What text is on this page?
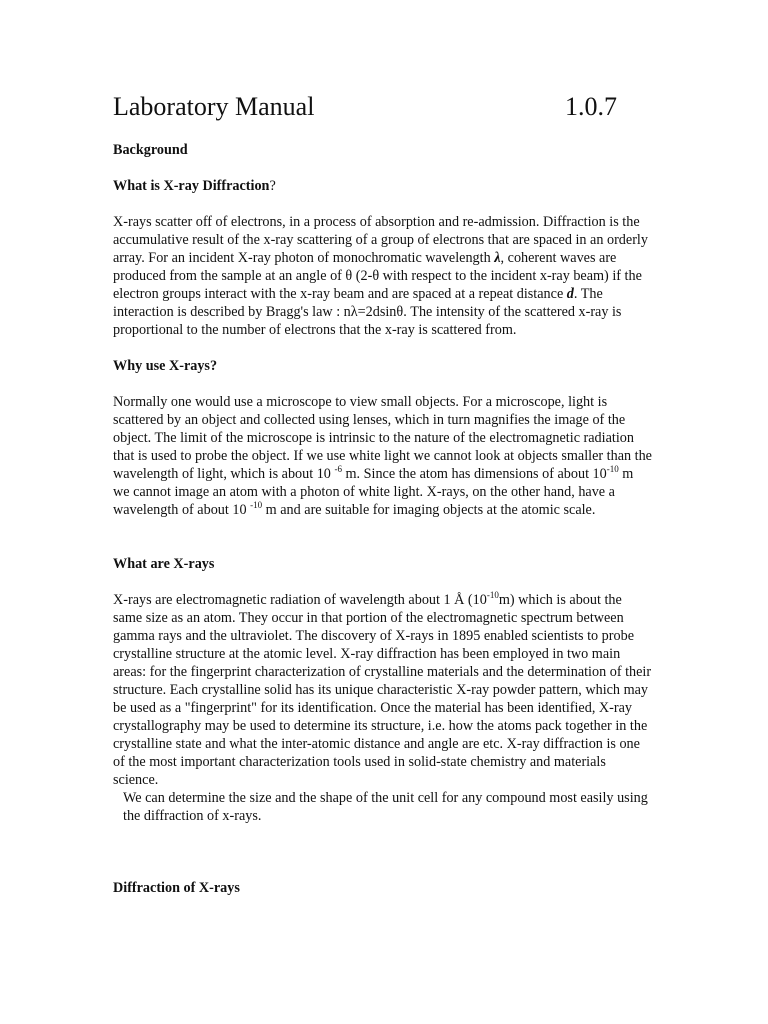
Laboratory Manual	1.0.7

Background

What is X-ray Diffraction?

X-rays scatter off of electrons, in a process of absorption and re-admission. Diffraction is the accumulative result of the x-ray scattering of a group of electrons that are spaced in an orderly array. For an incident X-ray photon of monochromatic wavelength λ, coherent waves are produced from the sample at an angle of θ (2-θ with respect to the incident x-ray beam) if the electron groups interact with the x-ray beam and are spaced at a repeat distance d. The interaction is described by Bragg's law : nλ=2dsinθ. The intensity of the scattered x-ray is proportional to the number of electrons that the x-ray is scattered from.

Why use X-rays?

Normally one would use a microscope to view small objects. For a microscope, light is scattered by an object and collected using lenses, which in turn magnifies the image of the object. The limit of the microscope is intrinsic to the nature of the electromagnetic radiation that is used to probe the object. If we use white light we cannot look at objects smaller than the wavelength of light, which is about 10 $^{-6}$ m. Since the atom has dimensions of about $10^{-10}$ m we cannot image an atom with a photon of white light. X-rays, on the other hand, have a wavelength of about 10 $^{-10}$ m and are suitable for imaging objects at the atomic scale.

What are X-rays

X-rays are electromagnetic radiation of wavelength about 1 Å $(10^{-10}m)$ which is about the same size as an atom. They occur in that portion of the electromagnetic spectrum between gamma rays and the ultraviolet. The discovery of X-rays in 1895 enabled scientists to probe crystalline structure at the atomic level. X-ray diffraction has been employed in two main areas: for the fingerprint characterization of crystalline materials and the determination of their structure. Each crystalline solid has its unique characteristic X-ray powder pattern, which may be used as a "fingerprint" for its identification. Once the material has been identified, X-ray crystallography may be used to determine its structure, i.e. how the atoms pack together in the crystalline state and what the inter-atomic distance and angle are etc. X-ray diffraction is one of the most important characterization tools used in solid-state chemistry and materials science.

We can determine the size and the shape of the unit cell for any compound most easily using the diffraction of x-rays.

Diffraction of X-rays
